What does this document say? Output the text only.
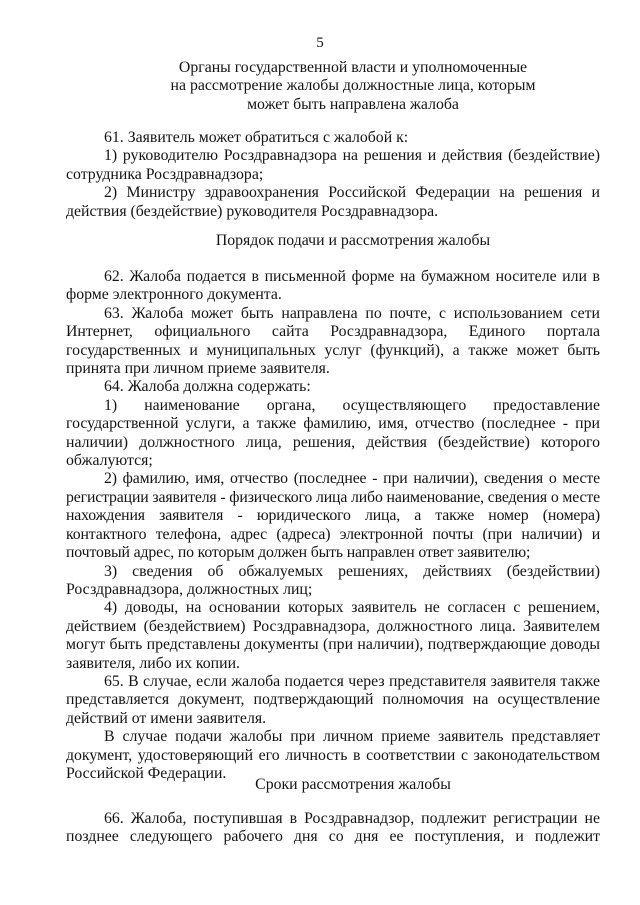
5
Органы государственной власти и уполномоченные
на рассмотрение жалобы должностные лица, которым
может быть направлена жалоба

61. Заявитель может обратиться с жалобой к:

1) руководителю Росздравнадзора на решения и действия (бездействие) сотрудника Росздравнадзора;

2) Министру здравоохранения Российской Федерации на решения и действия (бездействие) руководителя Росздравнадзора.

Порядок подачи и рассмотрения жалобы

62. Жалоба подается в письменной форме на бумажном носителе или в форме электронного документа.

63. Жалоба может быть направлена по почте, с использованием сети Интернет, официального сайта Росздравнадзора, Единого портала государственных и муниципальных услуг (функций), а также может быть принята при личном приеме заявителя.

64. Жалоба должна содержать:

1) наименование органа, осуществляющего предоставление государственной услуги, а также фамилию, имя, отчество (последнее - при наличии) должностного лица, решения, действия (бездействие) которого обжалуются;

2) фамилию, имя, отчество (последнее - при наличии), сведения о месте регистрации заявителя - физического лица либо наименование, сведения о месте нахождения заявителя - юридического лица, а также номер (номера) контактного телефона, адрес (адреса) электронной почты (при наличии) и почтовый адрес, по которым должен быть направлен ответ заявителю;

3) сведения об обжалуемых решениях, действиях (бездействии) Росздравнадзора, должностных лиц;

4) доводы, на основании которых заявитель не согласен с решением, действием (бездействием) Росздравнадзора, должностного лица. Заявителем могут быть представлены документы (при наличии), подтверждающие доводы заявителя, либо их копии.

65. В случае, если жалоба подается через представителя заявителя также представляется документ, подтверждающий полномочия на осуществление действий от имени заявителя.

В случае подачи жалобы при личном приеме заявитель представляет документ, удостоверяющий его личность в соответствии с законодательством Российской Федерации.

Сроки рассмотрения жалобы

66. Жалоба, поступившая в Росздравнадзор, подлежит регистрации не позднее следующего рабочего дня со дня ее поступления, и подлежит
